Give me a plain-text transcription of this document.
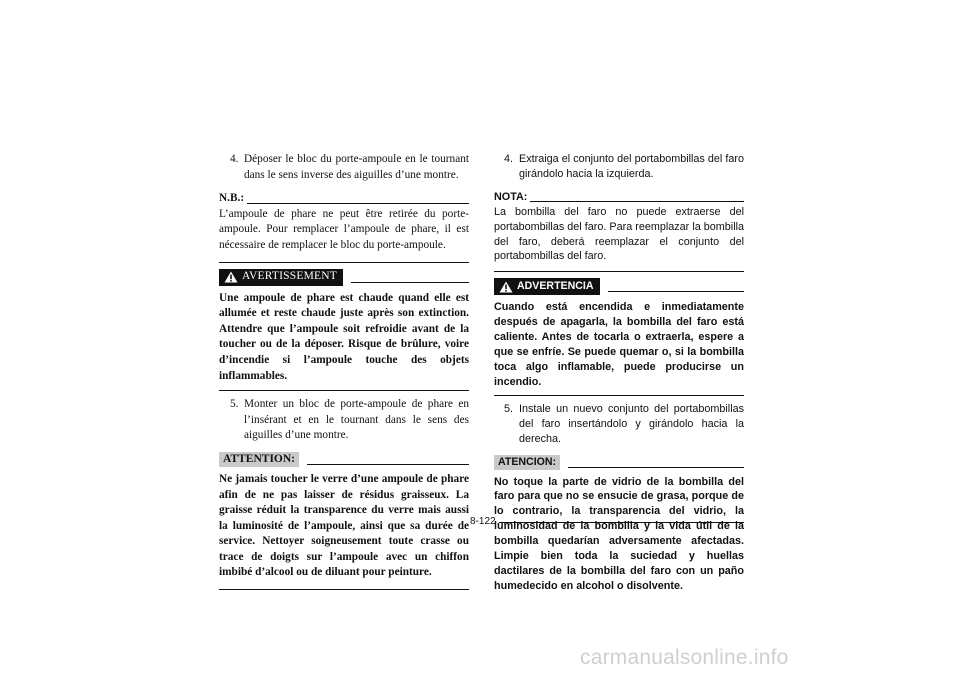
4. Déposer le bloc du porte-ampoule en le tournant dans le sens inverse des aiguilles d’une montre.
N.B.:
L’ampoule de phare ne peut être retirée du porte-ampoule. Pour remplacer l’ampoule de phare, il est nécessaire de remplacer le bloc du porte-ampoule.
AVERTISSEMENT
Une ampoule de phare est chaude quand elle est allumée et reste chaude juste après son extinction. Attendre que l’ampoule soit refroidie avant de la toucher ou de la déposer. Risque de brûlure, voire d’incendie si l’ampoule touche des objets inflammables.
5. Monter un bloc de porte-ampoule de phare en l’insérant et en le tournant dans le sens des aiguilles d’une montre.
ATTENTION:
Ne jamais toucher le verre d’une ampoule de phare afin de ne pas laisser de résidus graisseux. La graisse réduit la transparence du verre mais aussi la luminosité de l’ampoule, ainsi que sa durée de service. Nettoyer soigneusement toute crasse ou trace de doigts sur l’ampoule avec un chiffon imbibé d’alcool ou de diluant pour peinture.
4. Extraiga el conjunto del portabombillas del faro girándolo hacia la izquierda.
NOTA:
La bombilla del faro no puede extraerse del portabombillas del faro. Para reemplazar la bombilla del faro, deberá reemplazar el conjunto del portabombillas del faro.
ADVERTENCIA
Cuando está encendida e inmediatamente después de apagarla, la bombilla del faro está caliente. Antes de tocarla o extraerla, espere a que se enfríe. Se puede quemar o, si la bombilla toca algo inflamable, puede producirse un incendio.
5. Instale un nuevo conjunto del portabombillas del faro insertándolo y girándolo hacia la derecha.
ATENCION:
No toque la parte de vidrio de la bombilla del faro para que no se ensucie de grasa, porque de lo contrario, la transparencia del vidrio, la luminosidad de la bombilla y la vida útil de la bombilla quedarían adversamente afectadas. Limpie bien toda la suciedad y huellas dactilares de la bombilla del faro con un paño humedecido en alcohol o disolvente.
8-122
carmanualsonline.info
